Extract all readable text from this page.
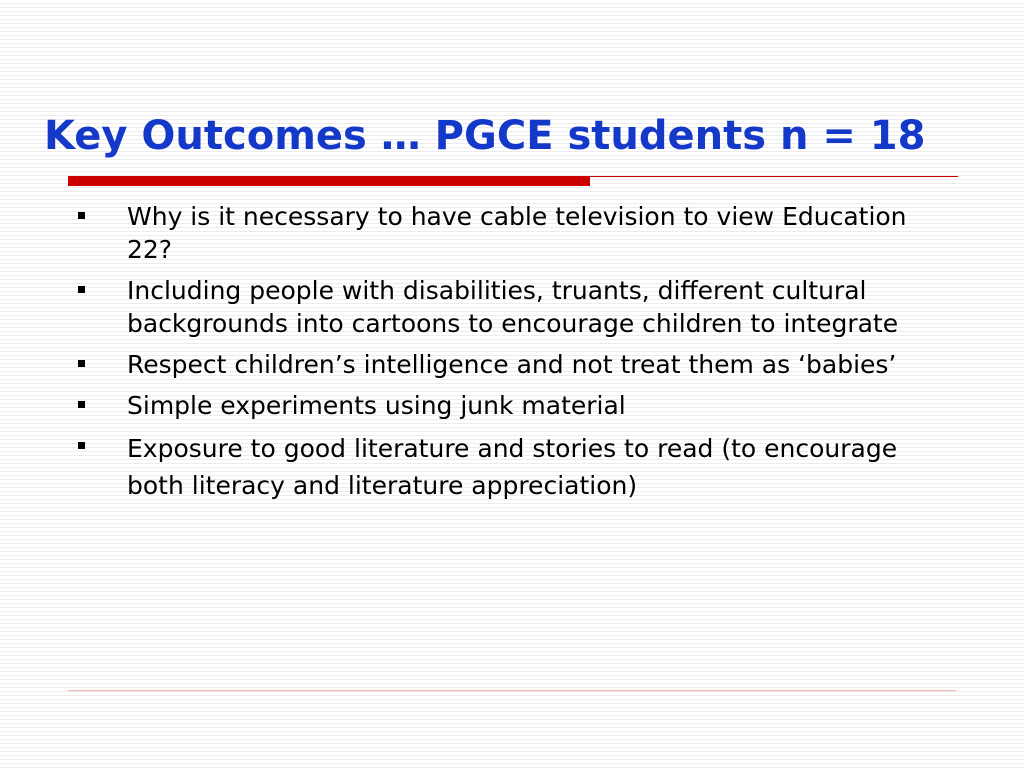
Key Outcomes … PGCE students n = 18
Why is it necessary to have cable television to view Education 22?
Including people with disabilities, truants, different cultural backgrounds into cartoons to encourage children to integrate
Respect children’s intelligence and not treat them as ‘babies’
Simple experiments using junk material
Exposure to good literature and stories to read (to encourage both literacy and literature appreciation)
